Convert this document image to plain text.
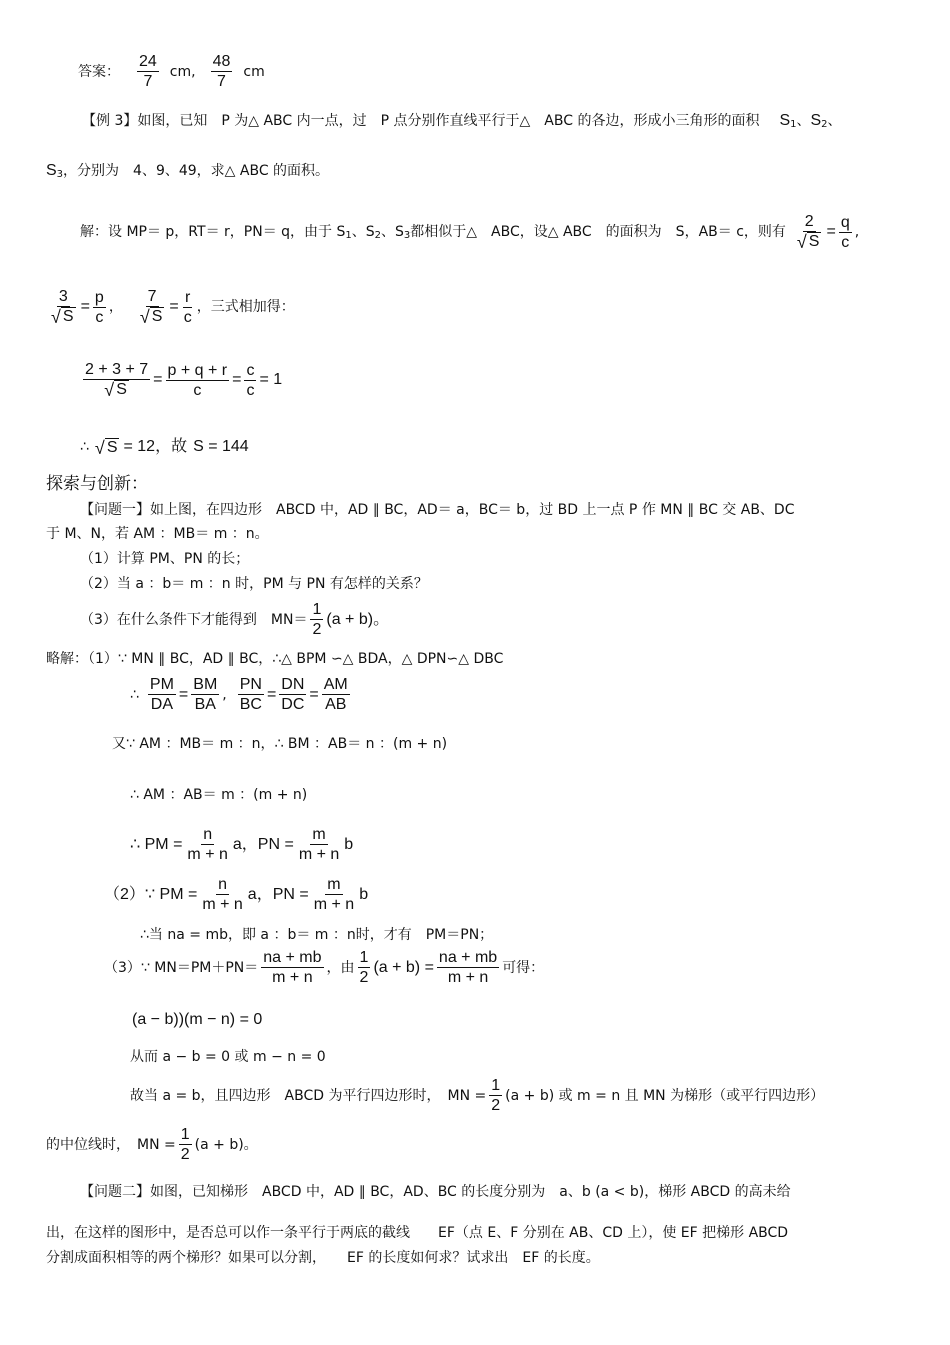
答案： $\frac{24}{7}$ cm, $\frac{48}{7}$ cm
【例 3】如图，已知　P 为△ ABC 内一点，过　P 点分别作直线平行于△　ABC 的各边，形成小三角形的面积 S 1 、 S 2 、
S 3 ，分别为　4、9、49，求△ ABC 的面积。
解：设 MP＝ p，RT＝ r，PN＝ q，由于 S 1 、S 2 、S 3 都相似于△　ABC，设△ ABC　的面积为　S，AB＝ c，则有 $\frac{2}{√ S} = \frac{q}{c}$ ,
$\frac{3}{√ S} = \frac{p}{c}$ ， $\frac{7}{√ S} = \frac{r}{c}$ ，三式相加得：
$\frac{2 + 3 + 7}{√ S} = \frac{p + q + r}{c} = \frac{c}{c} = 1$
∴ √ S = 12，故 S = 144
探索与创新：
【问题一】如上图，在四边形　ABCD 中，AD ∥ BC，AD＝ a，BC＝ b，过 BD 上一点 P 作 MN ∥ BC 交 AB、DC
于 M、N，若 AM ：MB＝ m ：n。
（1）计算 PM、PN 的长；
（2）当 a ：b＝ m ：n 时，PM 与 PN 有怎样的关系？
（3）在什么条件下才能得到　$MN= \frac{1}{2} (a + b)$。
略解：（1）∵ MN ∥ BC，AD ∥ BC，∴△ BPM ∽△ BDA，△ DPN∽△ DBC
∴ $\frac{PM}{DA} = \frac{BM}{BA}$ , $\frac{PN}{BC} = \frac{DN}{DC} = \frac{AM}{AB}$
又∵ AM ：MB＝ m ：n，∴ BM ：AB＝ n ：(m + n)
∴ AM ：AB＝ m ：(m + n)
∴ PM = $\frac{n}{m + n}$ a，PN = $\frac{m}{m + n}$ b
（2）∵ PM = $\frac{n}{m + n}$ a，PN = $\frac{m}{m + n}$ b
∴当 na = mb，即 a ：b＝ m ：n时，才有　PM＝PN；
（3）∵ $MN=PM+PN= \frac{na + mb}{m + n}$ ，由 $\frac{1}{2} (a + b) = \frac{na + mb}{m + n}$ 可得：
(a − b))(m − n) = 0
从而 a − b = 0 或 m − n = 0
故当 a = b，且四边形　ABCD 为平行四边形时，　MN = $\frac{1}{2} (a + b)$ 或 m = n 且 MN 为梯形（或平行四边形）
的中位线时，　MN = $\frac{1}{2} (a + b)$。
【问题二】如图，已知梯形　ABCD 中，AD ∥ BC，AD、BC 的长度分别为　a、b (a < b)，梯形 ABCD 的高未给
出，在这样的图形中，是否总可以作一条平行于两底的截线　　EF（点 E、F 分别在 AB、CD 上），使 EF 把梯形 ABCD
分割成面积相等的两个梯形？如果可以分割，　　EF 的长度如何求？试求出　EF 的长度。
